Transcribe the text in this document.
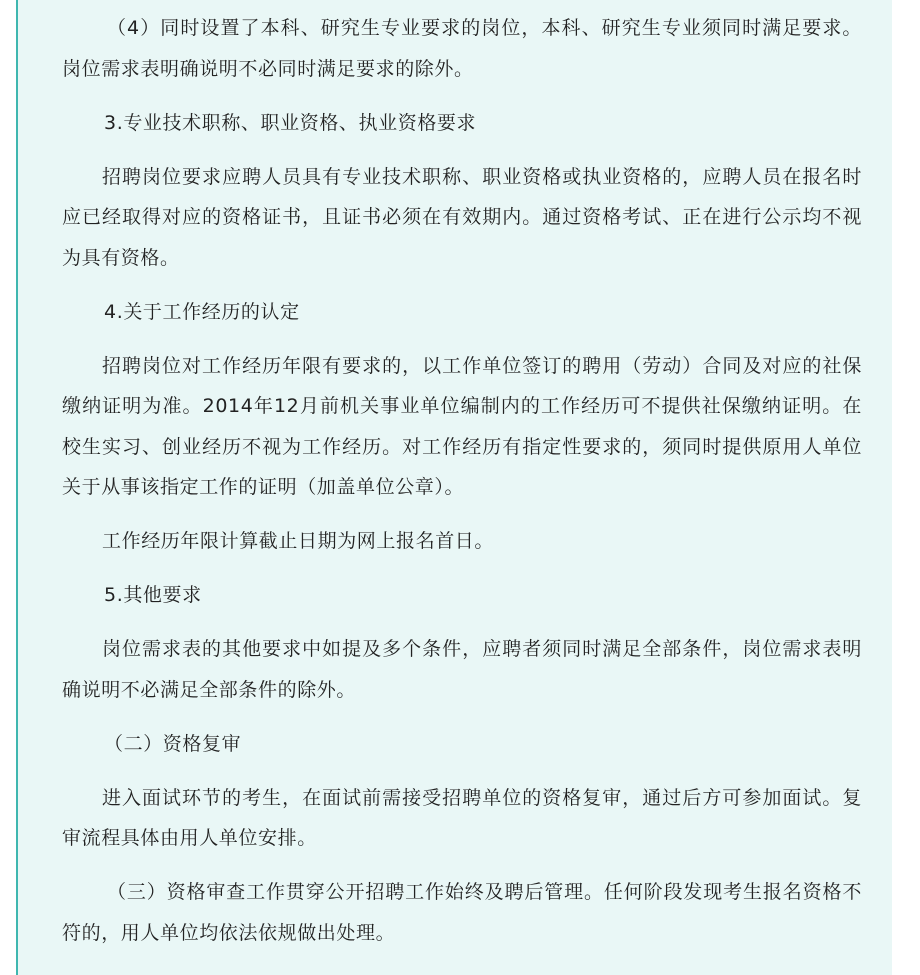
（4）同时设置了本科、研究生专业要求的岗位，本科、研究生专业须同时满足要求。岗位需求表明确说明不必同时满足要求的除外。

3.专业技术职称、职业资格、执业资格要求

招聘岗位要求应聘人员具有专业技术职称、职业资格或执业资格的，应聘人员在报名时应已经取得对应的资格证书，且证书必须在有效期内。通过资格考试、正在进行公示均不视为具有资格。

4.关于工作经历的认定

招聘岗位对工作经历年限有要求的，以工作单位签订的聘用（劳动）合同及对应的社保缴纳证明为准。2014年12月前机关事业单位编制内的工作经历可不提供社保缴纳证明。在校生实习、创业经历不视为工作经历。对工作经历有指定性要求的，须同时提供原用人单位关于从事该指定工作的证明（加盖单位公章）。

工作经历年限计算截止日期为网上报名首日。

5.其他要求

岗位需求表的其他要求中如提及多个条件，应聘者须同时满足全部条件，岗位需求表明确说明不必满足全部条件的除外。

（二）资格复审

进入面试环节的考生，在面试前需接受招聘单位的资格复审，通过后方可参加面试。复审流程具体由用人单位安排。

（三）资格审查工作贯穿公开招聘工作始终及聘后管理。任何阶段发现考生报名资格不符的，用人单位均依法依规做出处理。
